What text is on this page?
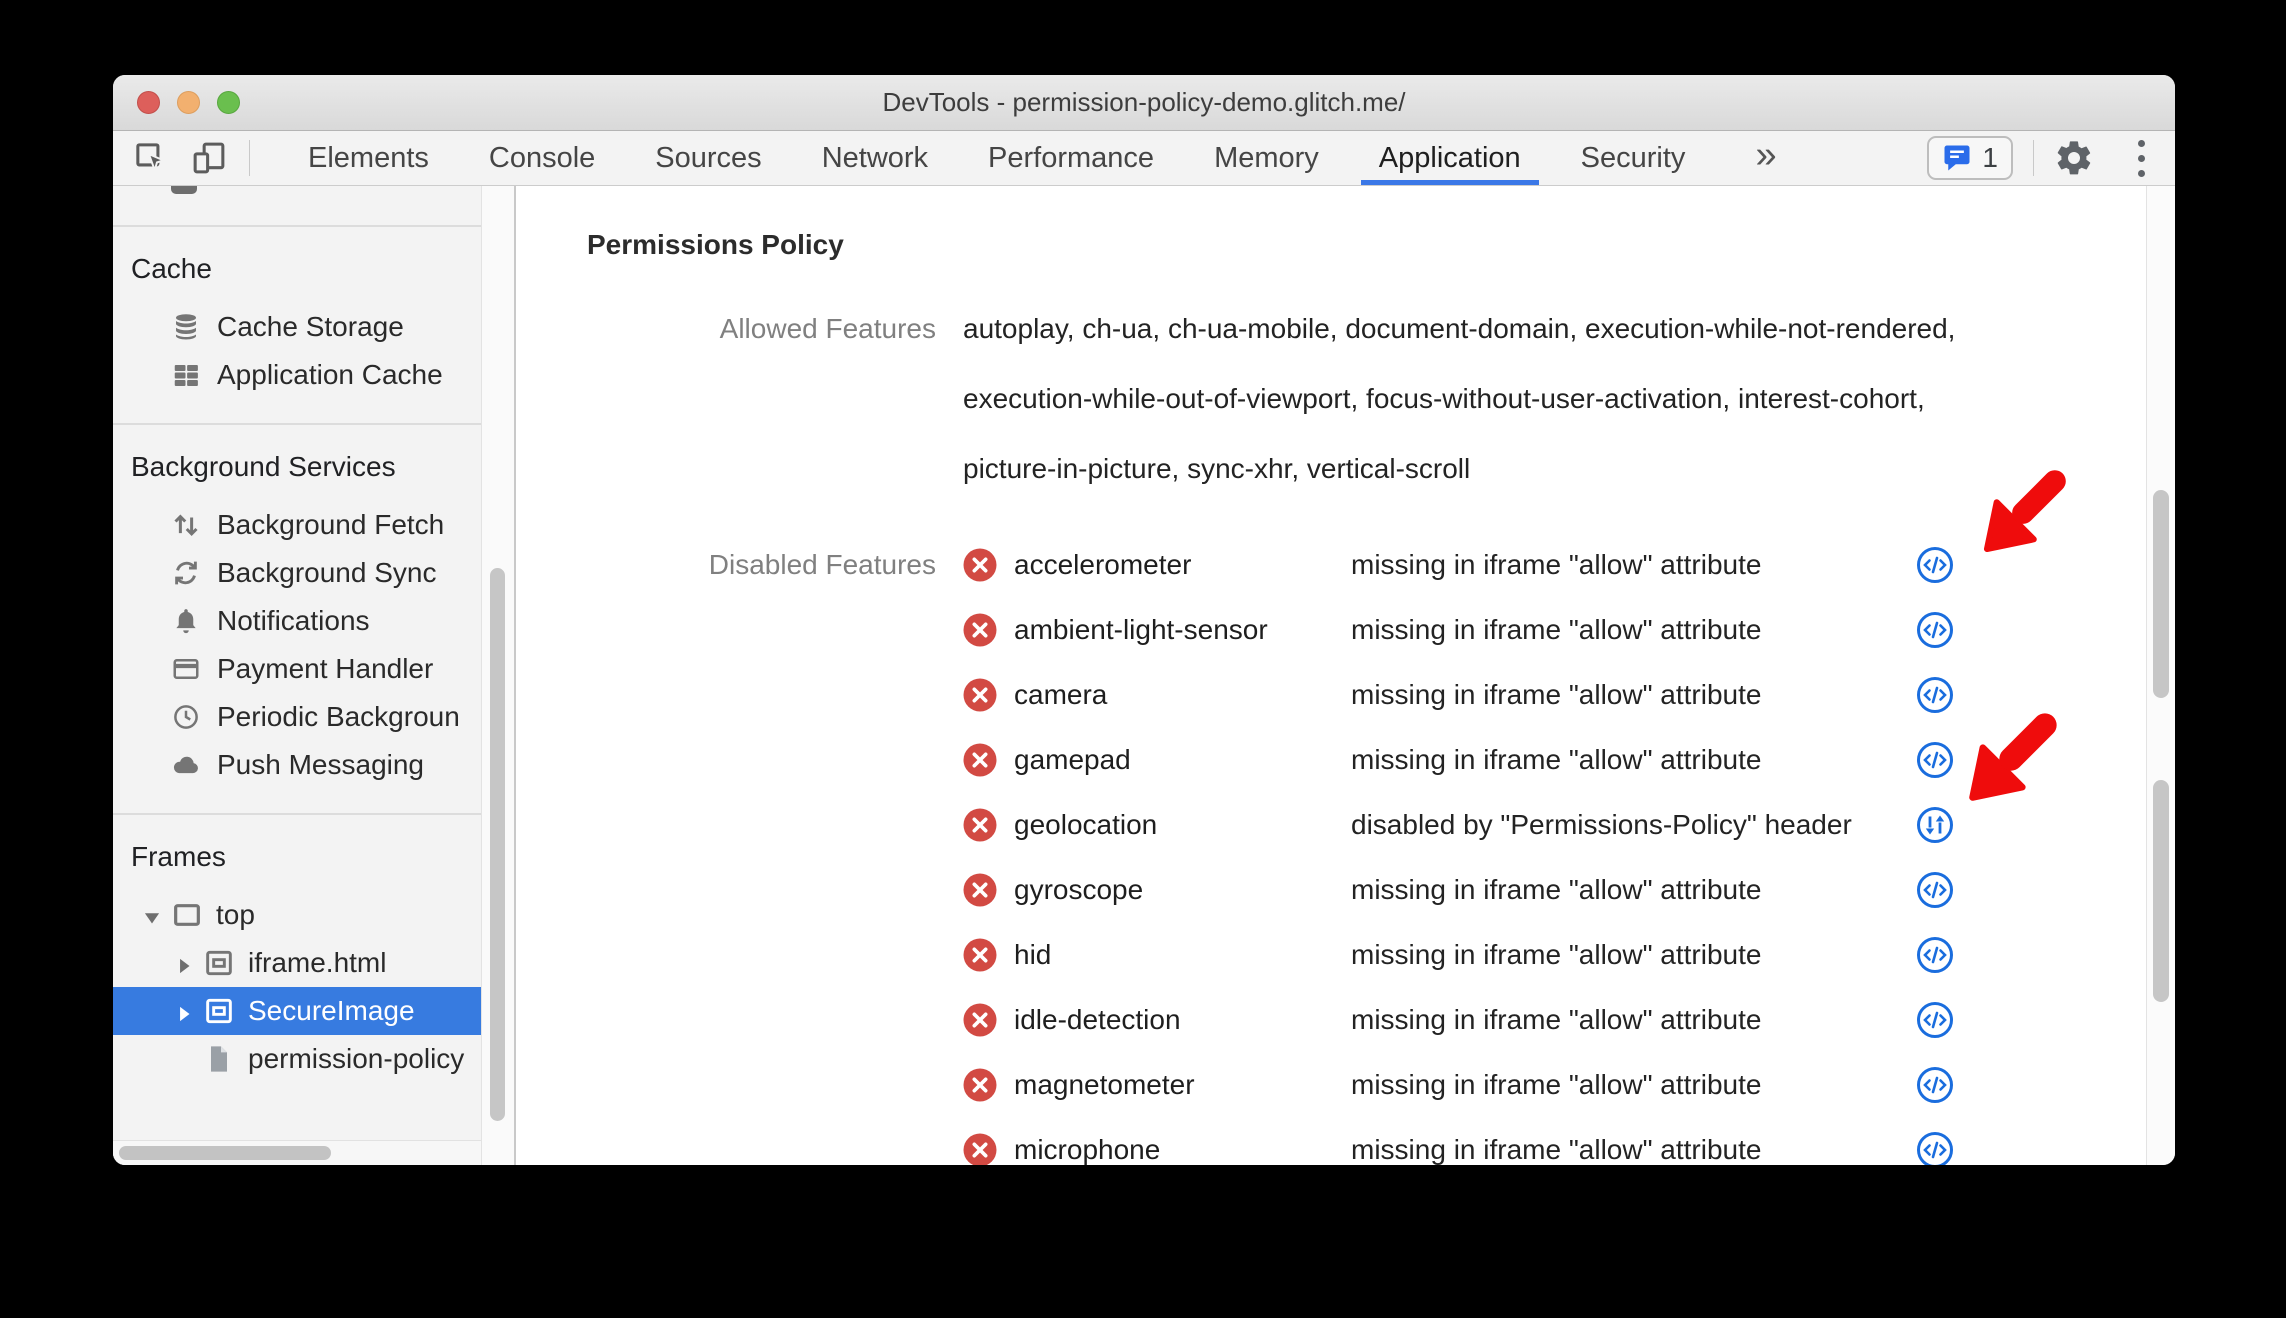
DevTools - permission-policy-demo.glitch.me/
Elements	Console	Sources	Network	Performance	Memory	Application	Security	»	1
Cache
Cache Storage
Application Cache
Background Services
Background Fetch
Background Sync
Notifications
Payment Handler
Periodic Backgroun
Push Messaging
Frames
top
iframe.html
SecureImage
permission-policy
Permissions Policy
Allowed Features autoplay, ch-ua, ch-ua-mobile, document-domain, execution-while-not-rendered,
execution-while-out-of-viewport, focus-without-user-activation, interest-cohort,
picture-in-picture, sync-xhr, vertical-scroll
Disabled Features	accelerometer	missing in iframe "allow" attribute
ambient-light-sensor	missing in iframe "allow" attribute
camera	missing in iframe "allow" attribute
gamepad	missing in iframe "allow" attribute
geolocation	disabled by "Permissions-Policy" header
gyroscope	missing in iframe "allow" attribute
hid	missing in iframe "allow" attribute
idle-detection	missing in iframe "allow" attribute
magnetometer	missing in iframe "allow" attribute
microphone	missing in iframe "allow" attribute
